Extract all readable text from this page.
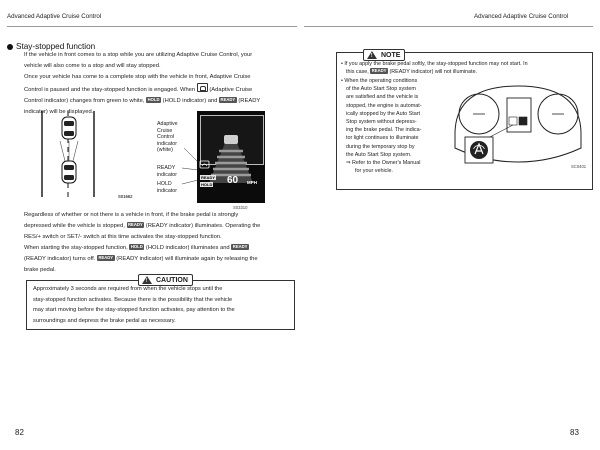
Advanced Adaptive Cruise Control	Advanced Adaptive Cruise Control
Stay-stopped function

If the vehicle in front comes to a stop while you are utilizing Adaptive Cruise Control, your

vehicle will also come to a stop and will stay stopped.

Once your vehicle has come to a complete stop with the vehicle in front, Adaptive Cruise

Control is paused and the stay-stopped function is engaged. When (Adaptive Cruise

Control indicator) changes from green to white, HOLD (HOLD indicator) and READY (READY

indicator) will be displayed.

S01662
Adaptive
Cruise
Control
indicator
(white)
READY
indicator
HOLD
indicator
READY
HOLD 60 MPH
S03310

Regardless of whether or not there is a vehicle in front, if the brake pedal is strongly

depressed while the vehicle is stopped, READY (READY indicator) illuminates. Operating the

RES/+ switch or SET/- switch at this time activates the stay-stopped function.

When starting the stay-stopped function, HOLD (HOLD indicator) illuminates and READY

(READY indicator) turns off. READY (READY indicator) will illuminate again by releasing the

brake pedal.

!
CAUTION
Approximately 3 seconds are required from when the vehicle stops until the
stay-stopped function activates. Because there is the possibility that the vehicle
may start moving before the stay-stopped function activates, pay attention to the
surroundings and depress the brake pedal as necessary.
82
!
NOTE
• If you apply the brake pedal softly, the stay-stopped function may not start. In
this case, READY (READY indicator) will not illuminate.
• When the operating conditions
of the Auto Start Stop system
are satisfied and the vehicle is
stopped, the engine is automat-
ically stopped by the Auto Start
Stop system without depress-
ing the brake pedal. The indica-
tor light continues to illuminate
during the temporary stop by
the Auto Start Stop system.
⇒ Refer to the Owner's Manual
for your vehicle.
SC0401
83
